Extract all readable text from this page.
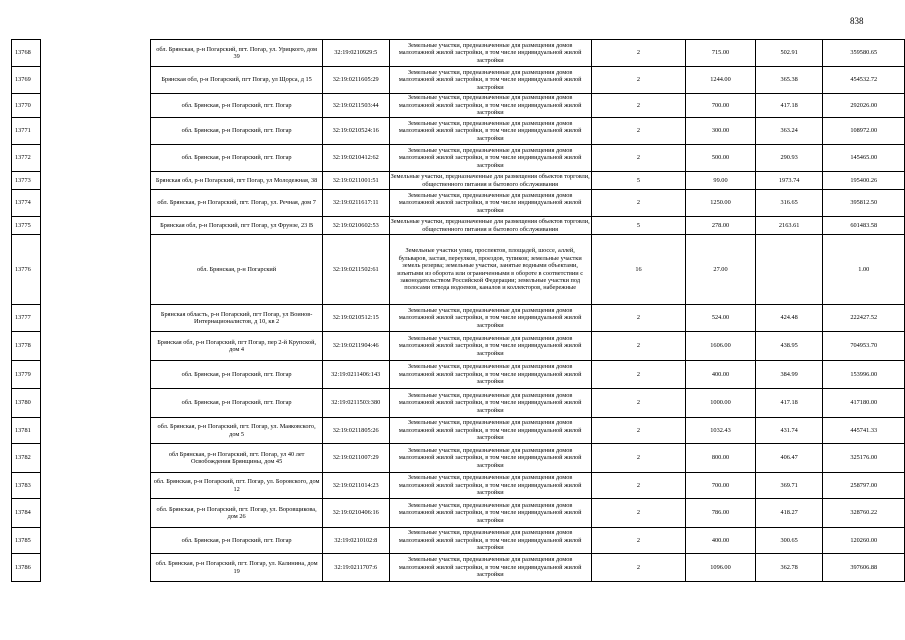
838
13768		обл. Брянская, р-н Погарский, пгт. Погар, ул. Урицкого, дом 39	32:19:0210929:5	Земельные участки, предназначенные для размещения домов малоэтажной жилой застройки, в том числе индивидуальной жилой застройки	2	715.00	502.91	359580.65
13769		Брянская обл, р-н Погарский, пгт Погар, ул Щорса, д 15	32:19:0211605:29	Земельные участки, предназначенные для размещения домов малоэтажной жилой застройки, в том числе индивидуальной жилой застройки	2	1244.00	365.38	454532.72
13770		обл. Брянская, р-н Погарский, пгт. Погар	32:19:0211503:44	Земельные участки, предназначенные для размещения домов малоэтажной жилой застройки, в том числе индивидуальной жилой застройки	2	700.00	417.18	292026.00
13771		обл. Брянская, р-н Погарский, пгт. Погар	32:19:0210524:16	Земельные участки, предназначенные для размещения домов малоэтажной жилой застройки, в том числе индивидуальной жилой застройки	2	300.00	363.24	108972.00
13772		обл. Брянская, р-н Погарский, пгт. Погар	32:19:0210412:62	Земельные участки, предназначенные для размещения домов малоэтажной жилой застройки, в том числе индивидуальной жилой застройки	2	500.00	290.93	145465.00
13773		Брянская обл, р-н Погарский, пгт Погар, ул Молодежная, 38	32:19:0211001:51	Земельные участки, предназначенные для размещения объектов торговли, общественного питания и бытового обслуживания	5	99.00	1973.74	195400.26
13774		обл. Брянская, р-н Погарский, пгт. Погар, ул. Речная, дом 7	32:19:0211617:11	Земельные участки, предназначенные для размещения домов малоэтажной жилой застройки, в том числе индивидуальной жилой застройки	2	1250.00	316.65	395812.50
13775		Брянская обл, р-н Погарский, пгт Погар, ул Фрунзе, 23 В	32:19:0210602:53	Земельные участки, предназначенные для размещения объектов торговли, общественного питания и бытового обслуживания	5	278.00	2163.61	601483.58
13776		обл. Брянская, р-н Погарский	32:19:0211502:61	Земельные участки улиц, проспектов, площадей, шоссе, аллей, бульваров, застав, переулков, проездов, тупиков; земельные участки земель резерва; земельные участки, занятые водными объектами, изъятыми из оборота или ограниченными в обороте в соответствии с законодательством Российской Федерации; земельные участки под полосами отвода водоемов, каналов и коллекторов, набережные	16	27.00		1.00
13777		Брянская область, р-н Погарский, пгт Погар, ул Воинов-Интернационалистов, д 10, кв 2	32:19:0210512:15	Земельные участки, предназначенные для размещения домов малоэтажной жилой застройки, в том числе индивидуальной жилой застройки	2	524.00	424.48	222427.52
13778		Брянская обл, р-н Погарский, пгт Погар, пер 2-й Крупской, дом 4	32:19:0211904:46	Земельные участки, предназначенные для размещения домов малоэтажной жилой застройки, в том числе индивидуальной жилой застройки	2	1606.00	438.95	704953.70
13779		обл. Брянская, р-н Погарский, пгт. Погар	32:19:0211406:143	Земельные участки, предназначенные для размещения домов малоэтажной жилой застройки, в том числе индивидуальной жилой застройки	2	400.00	384.99	153996.00
13780		обл. Брянская, р-н Погарский, пгт. Погар	32:19:0211503:380	Земельные участки, предназначенные для размещения домов малоэтажной жилой застройки, в том числе индивидуальной жилой застройки	2	1000.00	417.18	417180.00
13781		обл. Брянская, р-н Погарский, пгт. Погар, ул. Маяковского, дом 5	32:19:0211805:26	Земельные участки, предназначенные для размещения домов малоэтажной жилой застройки, в том числе индивидуальной жилой застройки	2	1032.43	431.74	445741.33
13782		обл Брянская, р-н Погарский, пгт. Погар, ул 40 лет Освобождения Брянщины, дом 45	32:19:0211007:29	Земельные участки, предназначенные для размещения домов малоэтажной жилой застройки, в том числе индивидуальной жилой застройки	2	800.00	406.47	325176.00
13783		обл. Брянская, р-н Погарский, пгт. Погар, ул. Боровского, дом 12	32:19:0211014:23	Земельные участки, предназначенные для размещения домов малоэтажной жилой застройки, в том числе индивидуальной жилой застройки	2	700.00	369.71	258797.00
13784		обл. Брянская, р-н Погарский, пгт. Погар, ул. Воровщикова, дом 26	32:19:0210406:16	Земельные участки, предназначенные для размещения домов малоэтажной жилой застройки, в том числе индивидуальной жилой застройки	2	786.00	418.27	328760.22
13785		обл. Брянская, р-н Погарский, пгт. Погар	32:19:0210102:8	Земельные участки, предназначенные для размещения домов малоэтажной жилой застройки, в том числе индивидуальной жилой застройки	2	400.00	300.65	120260.00
13786		обл. Брянская, р-н Погарский, пгт. Погар, ул. Калинина, дом 19	32:19:0211707:6	Земельные участки, предназначенные для размещения домов малоэтажной жилой застройки, в том числе индивидуальной жилой застройки	2	1096.00	362.78	397606.88
